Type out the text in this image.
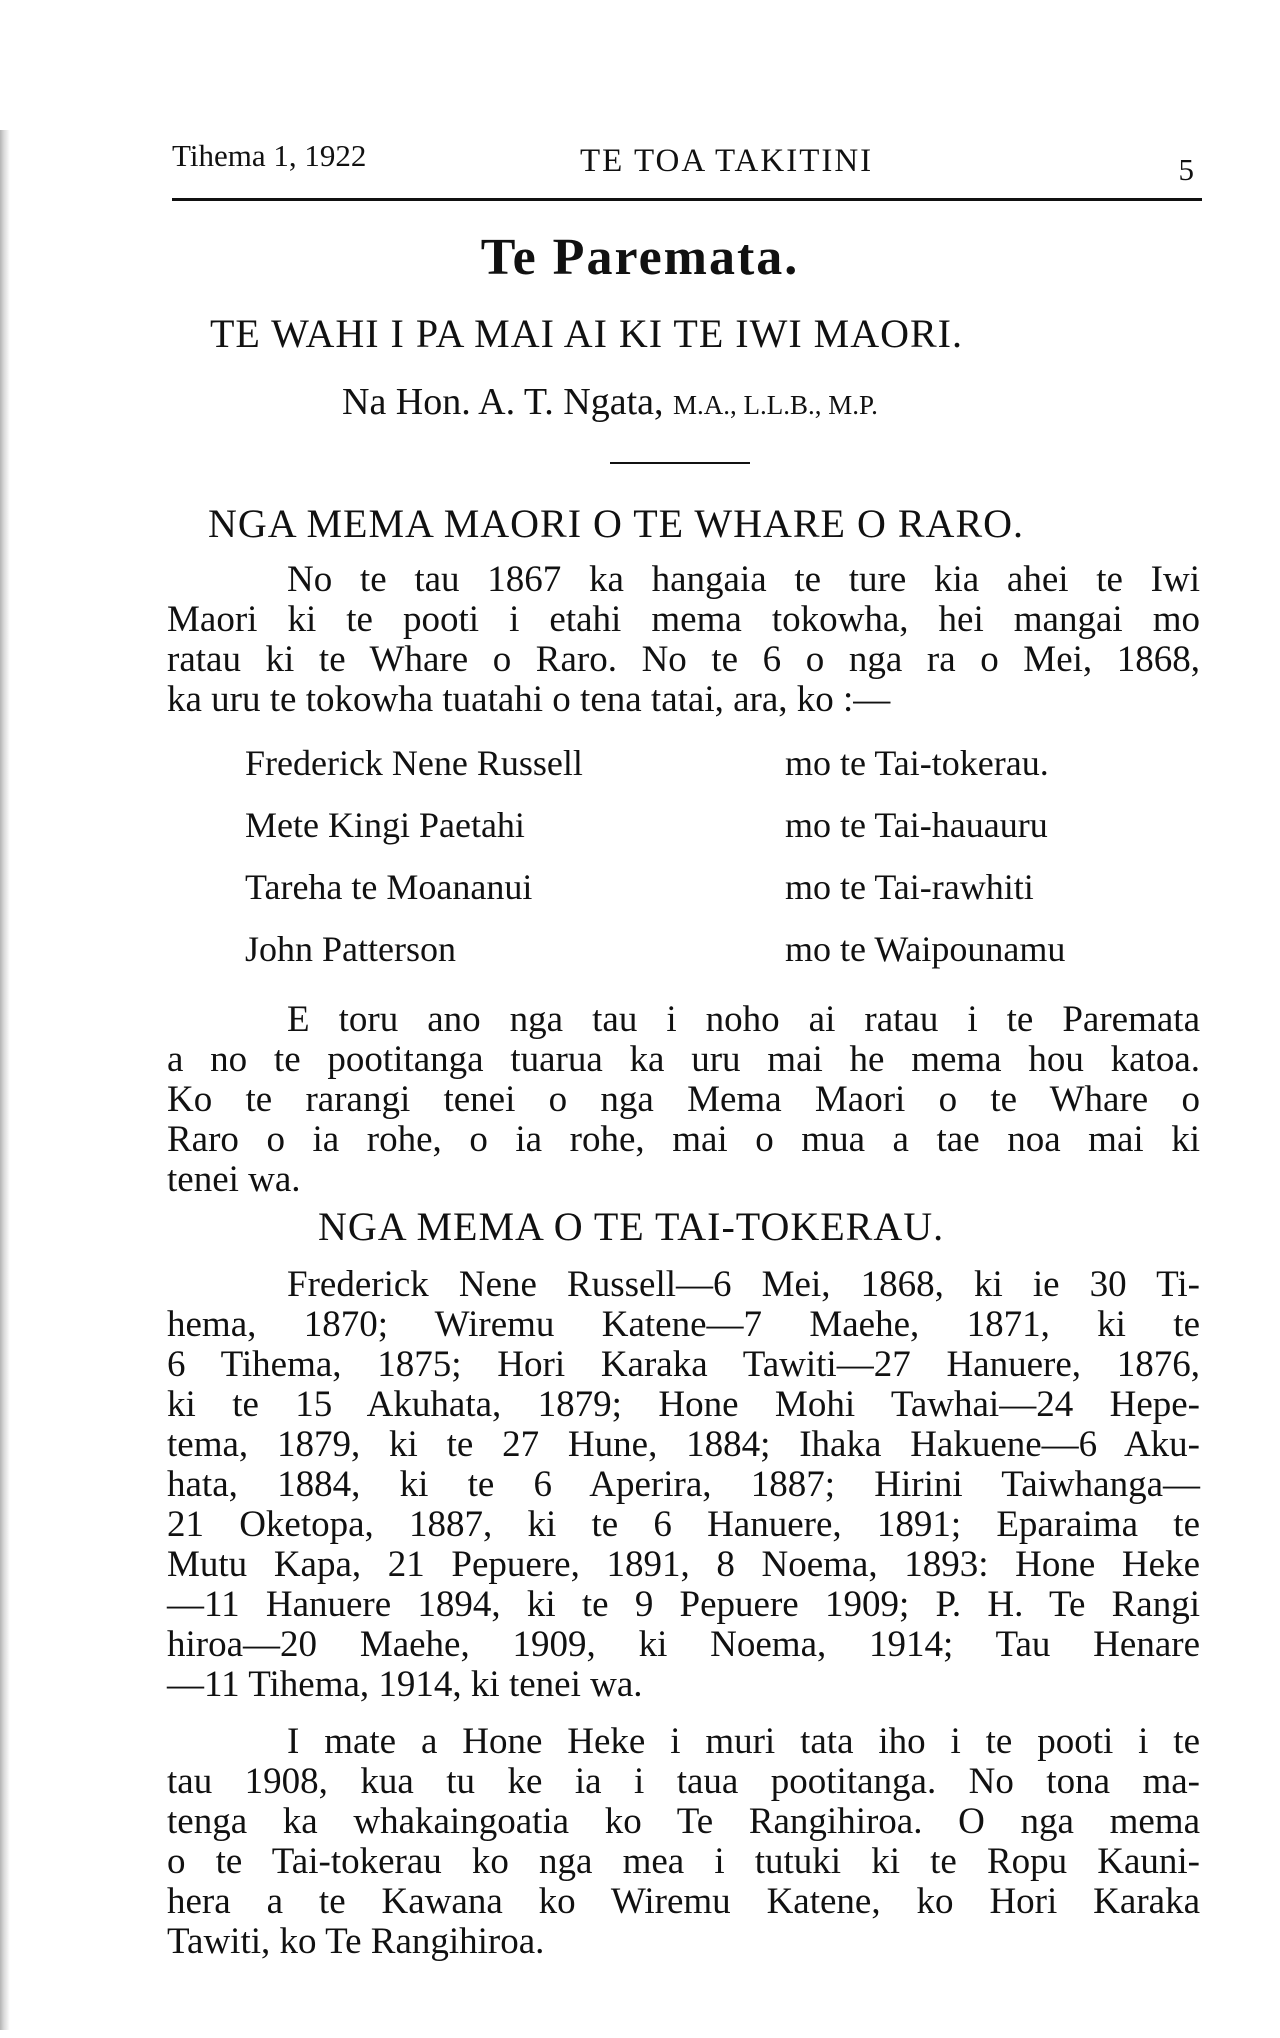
Tihema 1, 1922	TE TOA TAKITINI	5
Te Paremata.
TE WAHI I PA MAI AI KI TE IWI MAORI.
Na Hon. A. T. Ngata, M.A., L.L.B., M.P.
NGA MEMA MAORI O TE WHARE O RARO.
No te tau 1867 ka hangaia te ture kia ahei te Iwi
Maori ki te pooti i etahi mema tokowha, hei mangai mo
ratau ki te Whare o Raro. No te 6 o nga ra o Mei, 1868,
ka uru te tokowha tuatahi o tena tatai, ara, ko :—
Frederick Nene Russell	mo te Tai-tokerau.
Mete Kingi Paetahi	mo te Tai-hauauru
Tareha te Moananui	mo te Tai-rawhiti
John Patterson	mo te Waipounamu
E toru ano nga tau i noho ai ratau i te Paremata
a no te pootitanga tuarua ka uru mai he mema hou katoa.
Ko te rarangi tenei o nga Mema Maori o te Whare o
Raro o ia rohe, o ia rohe, mai o mua a tae noa mai ki
tenei wa.
NGA MEMA O TE TAI-TOKERAU.
Frederick Nene Russell—6 Mei, 1868, ki ie 30 Ti-
hema, 1870; Wiremu Katene—7 Maehe, 1871, ki te
6 Tihema, 1875; Hori Karaka Tawiti—27 Hanuere, 1876,
ki te 15 Akuhata, 1879; Hone Mohi Tawhai—24 Hepe-
tema, 1879, ki te 27 Hune, 1884; Ihaka Hakuene—6 Aku-
hata, 1884, ki te 6 Aperira, 1887; Hirini Taiwhanga—
21 Oketopa, 1887, ki te 6 Hanuere, 1891; Eparaima te
Mutu Kapa, 21 Pepuere, 1891, 8 Noema, 1893: Hone Heke
—11 Hanuere 1894, ki te 9 Pepuere 1909; P. H. Te Rangi
hiroa—20 Maehe, 1909, ki Noema, 1914; Tau Henare
—11 Tihema, 1914, ki tenei wa.
I mate a Hone Heke i muri tata iho i te pooti i te
tau 1908, kua tu ke ia i taua pootitanga. No tona ma-
tenga ka whakaingoatia ko Te Rangihiroa. O nga mema
o te Tai-tokerau ko nga mea i tutuki ki te Ropu Kauni-
hera a te Kawana ko Wiremu Katene, ko Hori Karaka
Tawiti, ko Te Rangihiroa.
